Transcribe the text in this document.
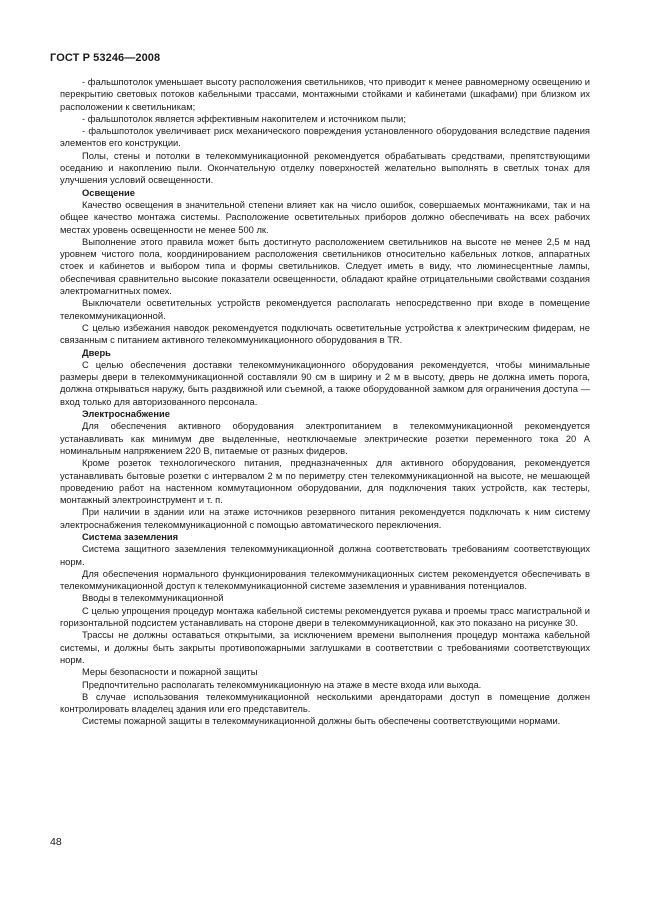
ГОСТ Р 53246—2008

- фальшпотолок уменьшает высоту расположения светильников, что приводит к менее равномерному освещению и перекрытию световых потоков кабельными трассами, монтажными стойками и кабинетами (шкафами) при близком их расположении к светильникам;

- фальшпотолок является эффективным накопителем и источником пыли;

- фальшпотолок увеличивает риск механического повреждения установленного оборудования вследствие падения элементов его конструкции.

Полы, стены и потолки в телекоммуникационной рекомендуется обрабатывать средствами, препятствующими оседанию и накоплению пыли. Окончательную отделку поверхностей желательно выполнять в светлых тонах для улучшения условий освещенности.

Освещение

Качество освещения в значительной степени влияет как на число ошибок, совершаемых монтажниками, так и на общее качество монтажа системы. Расположение осветительных приборов должно обеспечивать на всех рабочих местах уровень освещенности не менее 500 лк.

Выполнение этого правила может быть достигнуто расположением светильников на высоте не менее 2,5 м над уровнем чистого пола, координированием расположения светильников относительно кабельных лотков, аппаратных стоек и кабинетов и выбором типа и формы светильников. Следует иметь в виду, что люминесцентные лампы, обеспечивая сравнительно высокие показатели освещенности, обладают крайне отрицательными свойствами создания электромагнитных помех.

Выключатели осветительных устройств рекомендуется располагать непосредственно при входе в помещение телекоммуникационной.

С целью избежания наводок рекомендуется подключать осветительные устройства к электрическим фидерам, не связанным с питанием активного телекоммуникационного оборудования в TR.

Дверь

С целью обеспечения доставки телекоммуникационного оборудования рекомендуется, чтобы минимальные размеры двери в телекоммуникационной составляли 90 см в ширину и 2 м в высоту, дверь не должна иметь порога, должна открываться наружу, быть раздвижной или съемной, а также оборудованной замком для ограничения доступа — вход только для авторизованного персонала.

Электроснабжение

Для обеспечения активного оборудования электропитанием в телекоммуникационной рекомендуется устанавливать как минимум две выделенные, неотключаемые электрические розетки переменного тока 20 А номинальным напряжением 220 В, питаемые от разных фидеров.

Кроме розеток технологического питания, предназначенных для активного оборудования, рекомендуется устанавливать бытовые розетки с интервалом 2 м по периметру стен телекоммуникационной на высоте, не мешающей проведению работ на настенном коммутационном оборудовании, для подключения таких устройств, как тестеры, монтажный электроинструмент и т. п.

При наличии в здании или на этаже источников резервного питания рекомендуется подключать к ним систему электроснабжения телекоммуникационной с помощью автоматического переключения.

Система заземления

Система защитного заземления телекоммуникационной должна соответствовать требованиям соответствующих норм.

Для обеспечения нормального функционирования телекоммуникационных систем рекомендуется обеспечивать в телекоммуникационной доступ к телекоммуникационной системе заземления и уравнивания потенциалов.

Вводы в телекоммуникационной

С целью упрощения процедур монтажа кабельной системы рекомендуется рукава и проемы трасс магистральной и горизонтальной подсистем устанавливать на стороне двери в телекоммуникационной, как это показано на рисунке 30.

Трассы не должны оставаться открытыми, за исключением времени выполнения процедур монтажа кабельной системы, и должны быть закрыты противопожарными заглушками в соответствии с требованиями соответствующих норм.

Меры безопасности и пожарной защиты

Предпочтительно располагать телекоммуникационную на этаже в месте входа или выхода.

В случае использования телекоммуникационной несколькими арендаторами доступ в помещение должен контролировать владелец здания или его представитель.

Системы пожарной защиты в телекоммуникационной должны быть обеспечены соответствующими нормами.

48
